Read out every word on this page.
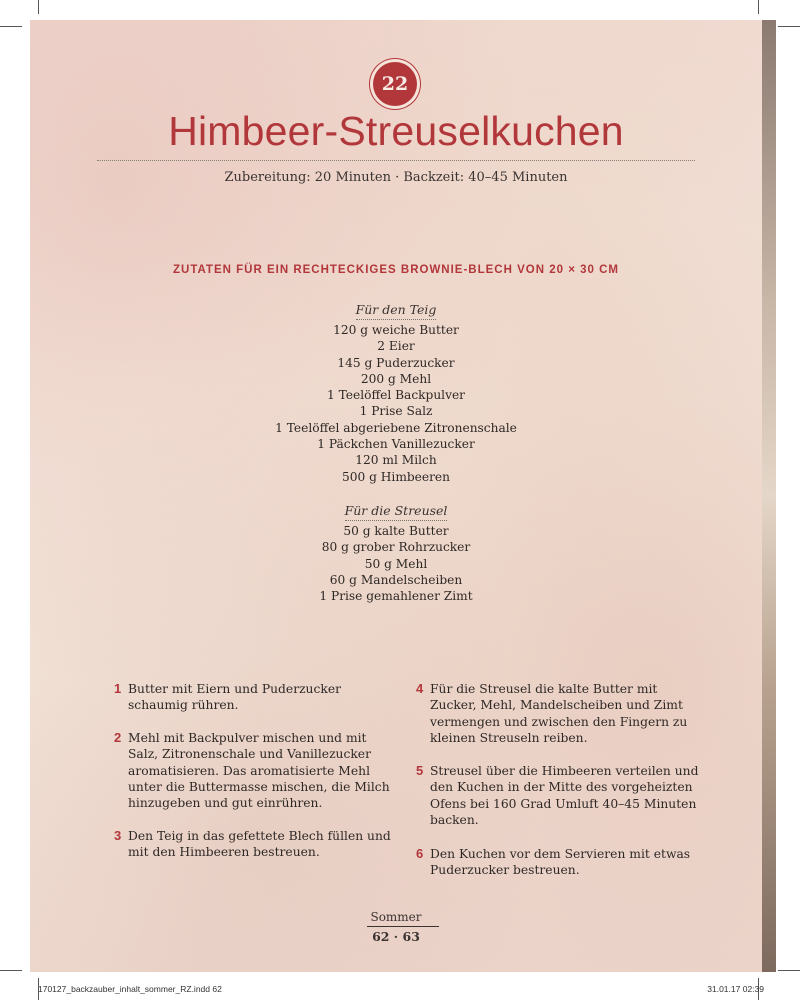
22
Himbeer-Streuselkuchen
Zubereitung: 20 Minuten · Backzeit: 40–45 Minuten
ZUTATEN FÜR EIN RECHTECKIGES BROWNIE-BLECH VON 20 × 30 CM
Für den Teig
120 g weiche Butter
2 Eier
145 g Puderzucker
200 g Mehl
1 Teelöffel Backpulver
1 Prise Salz
1 Teelöffel abgeriebene Zitronenschale
1 Päckchen Vanillezucker
120 ml Milch
500 g Himbeeren
Für die Streusel
50 g kalte Butter
80 g grober Rohrzucker
50 g Mehl
60 g Mandelscheiben
1 Prise gemahlener Zimt
1 Butter mit Eiern und Puderzucker schaumig rühren.
2 Mehl mit Backpulver mischen und mit Salz, Zitronenschale und Vanillezucker aromatisieren. Das aromatisierte Mehl unter die Buttermasse mischen, die Milch hinzugeben und gut einrühren.
3 Den Teig in das gefettete Blech füllen und mit den Himbeeren bestreuen.
4 Für die Streusel die kalte Butter mit Zucker, Mehl, Mandelscheiben und Zimt vermengen und zwischen den Fingern zu kleinen Streuseln reiben.
5 Streusel über die Himbeeren verteilen und den Kuchen in der Mitte des vorgeheizten Ofens bei 160 Grad Umluft 40–45 Minuten backen.
6 Den Kuchen vor dem Servieren mit etwas Puderzucker bestreuen.
Sommer
62 · 63
170127_backzauber_inhalt_sommer_RZ.indd 62	31.01.17 02:39
